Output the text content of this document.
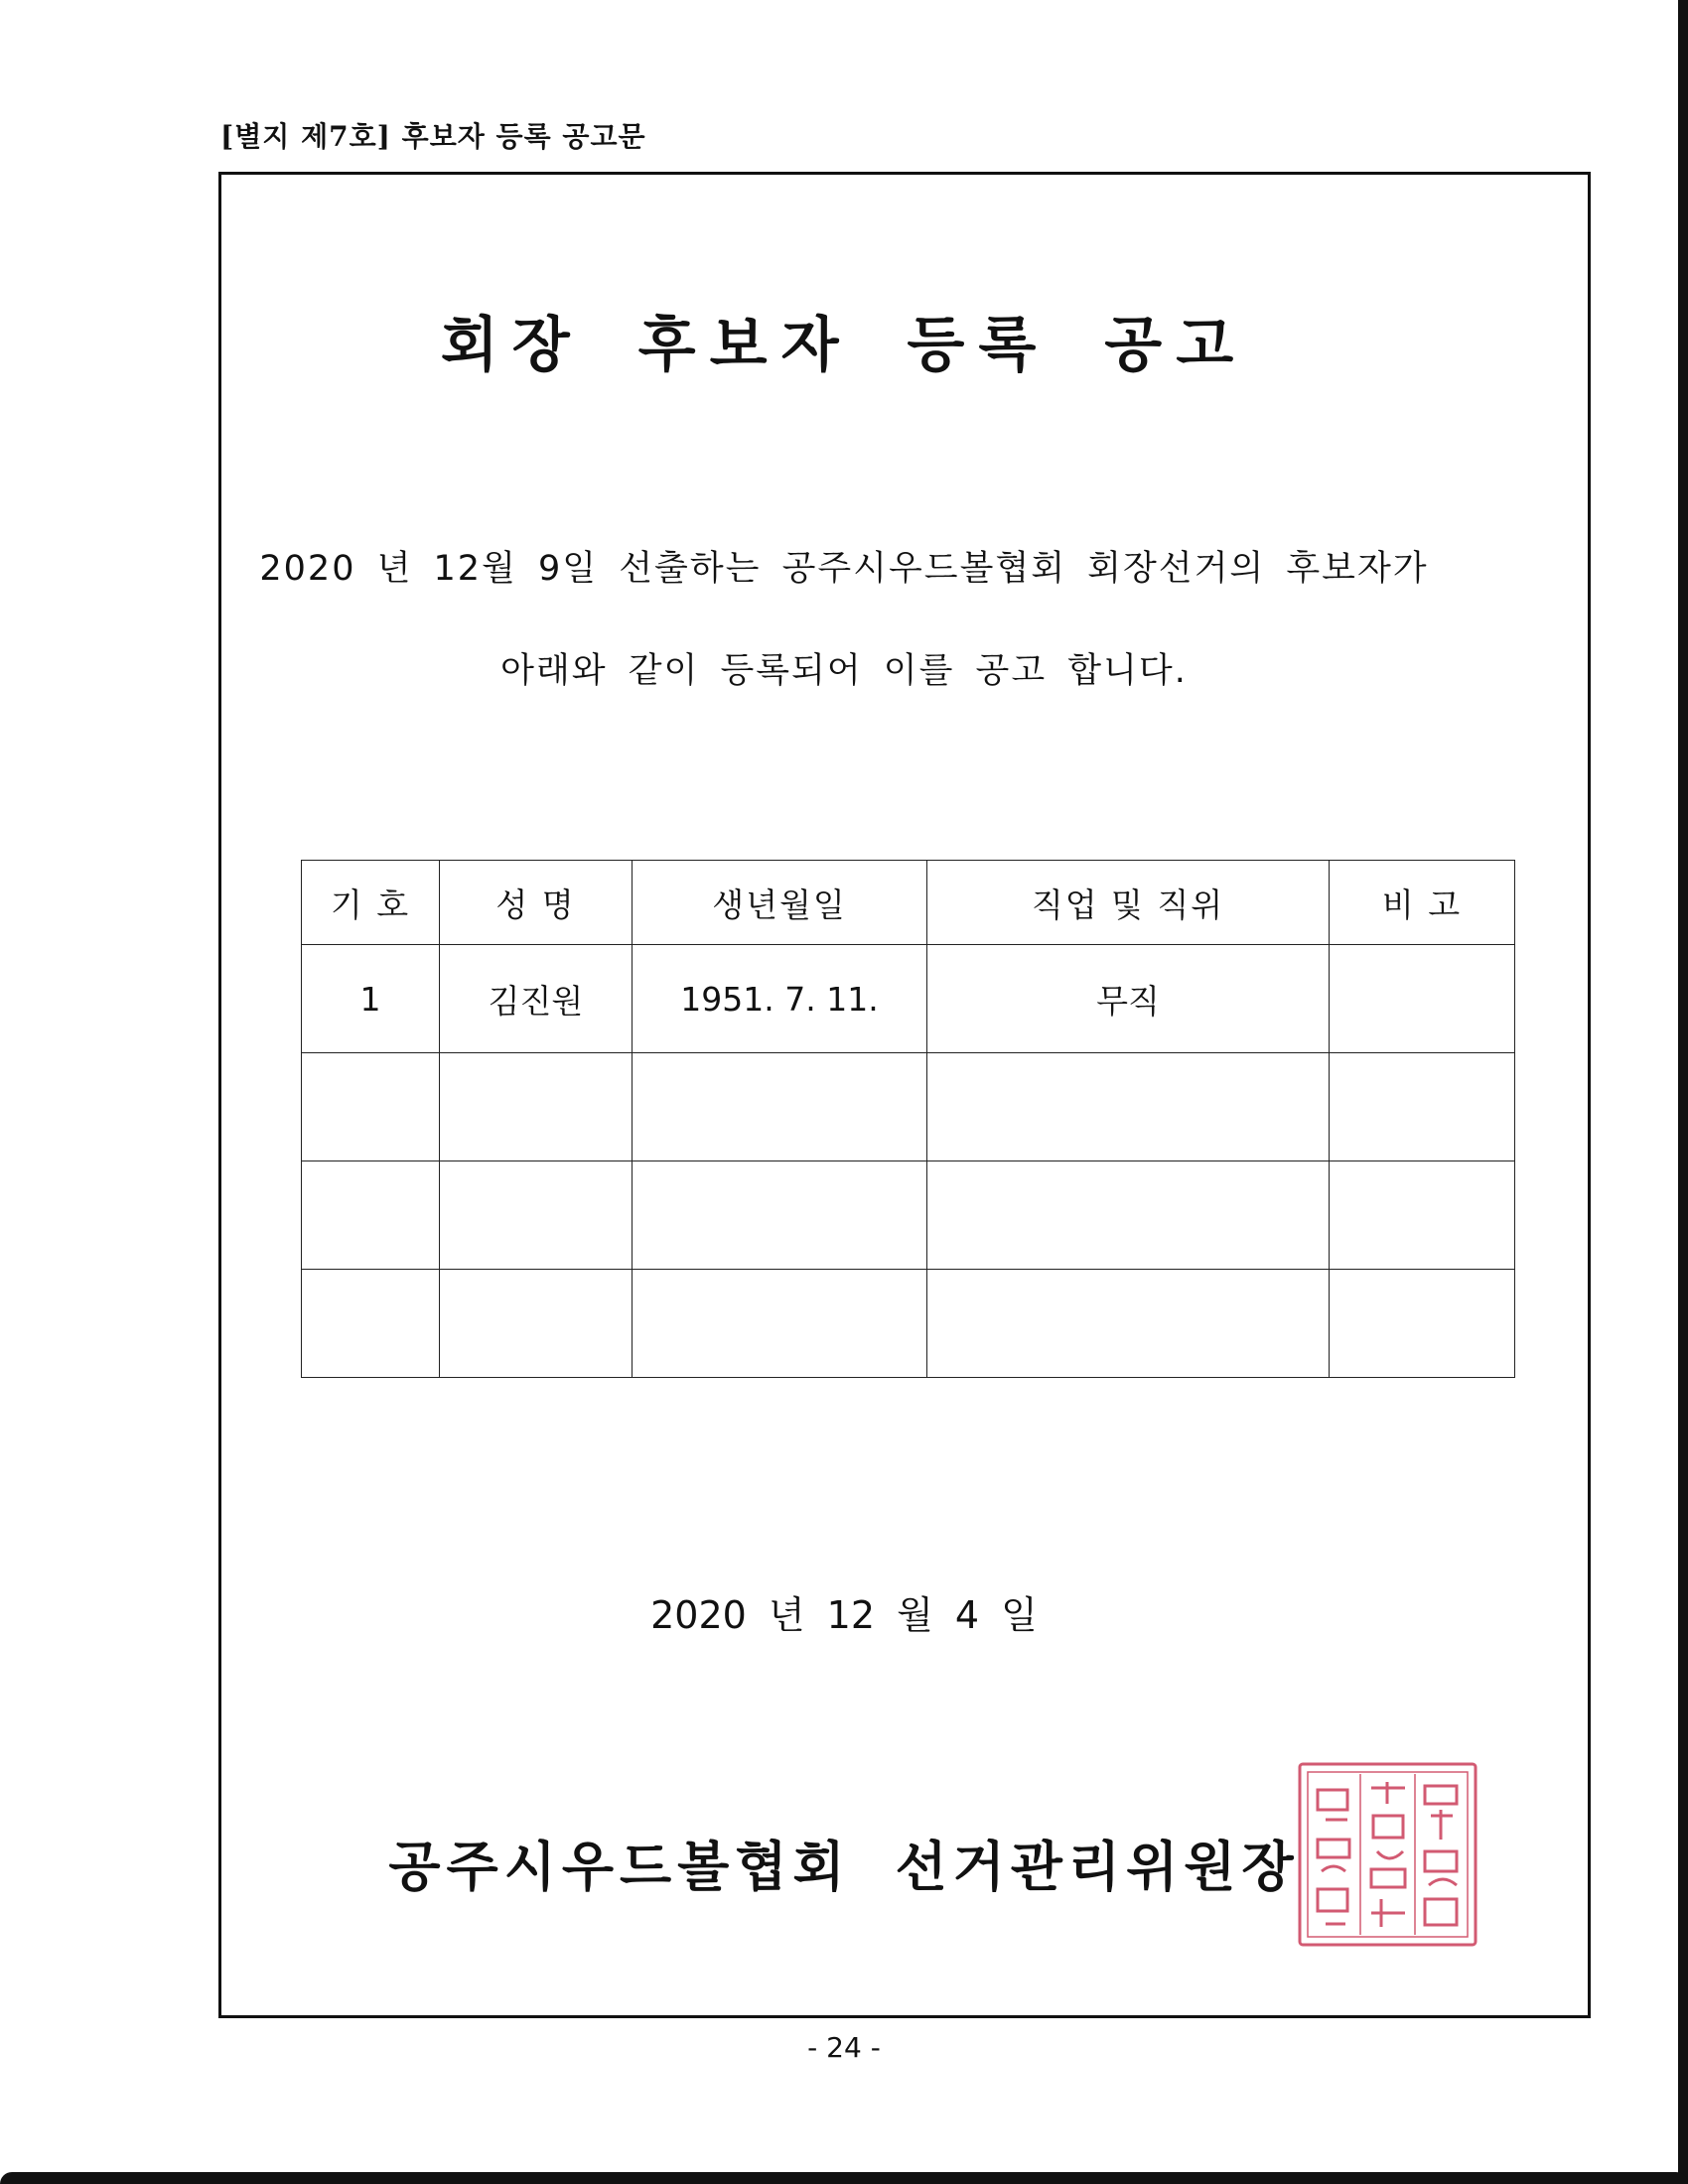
[별지 제7호] 후보자 등록 공고문
회장 후보자 등록 공고
2020 년 12월 9일 선출하는 공주시우드볼협회 회장선거의 후보자가
아래와 같이 등록되어 이를 공고 합니다.
기 호	성 명	생년월일	직업 및 직위	비 고
1	김진원	1951. 7. 11.	무직	

2020 년 12 월 4 일
공주시우드볼협회 선거관리위원장
- 24 -
